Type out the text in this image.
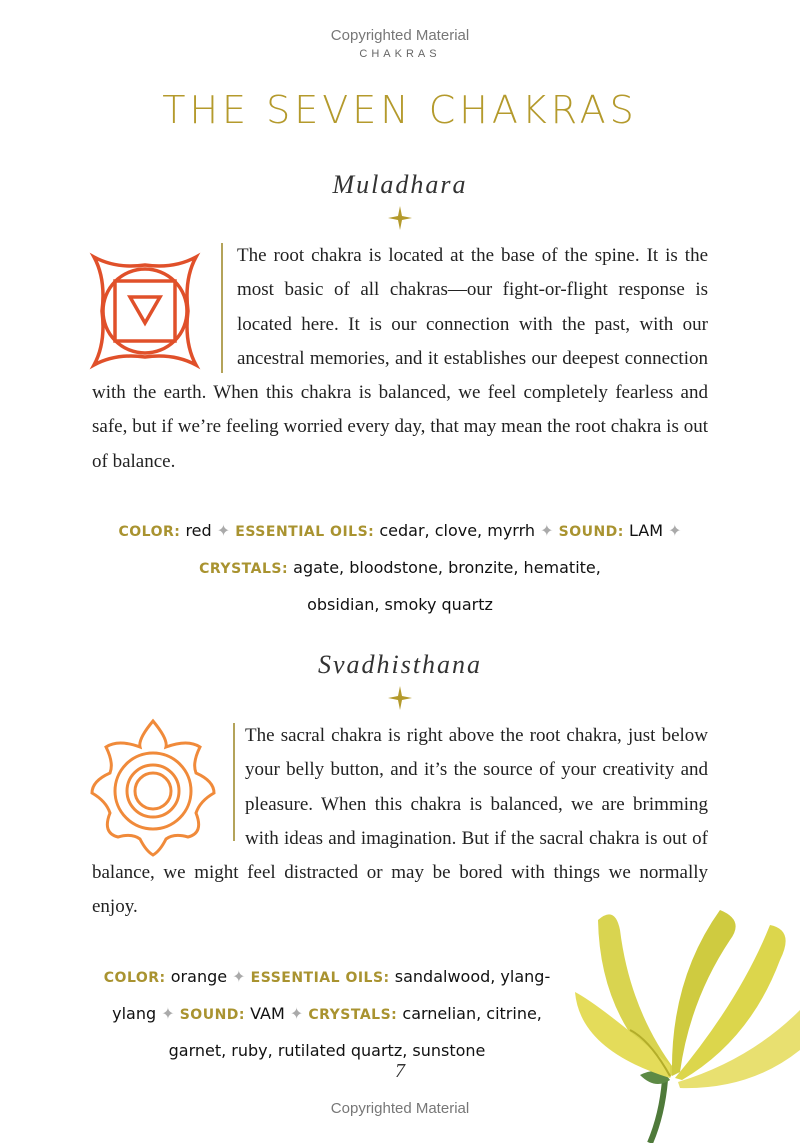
Copyrighted Material
CHAKRAS
THE SEVEN CHAKRAS
Muladhara
The root chakra is located at the base of the spine. It is the most basic of all chakras—our fight-or-flight response is located here. It is our connection with the past, with our ancestral memories, and it establishes our deepest connection with the earth. When this chakra is balanced, we feel completely fearless and safe, but if we’re feeling worried every day, that may mean the root chakra is out of balance.
COLOR: red ✦ ESSENTIAL OILS: cedar, clove, myrrh ✦ SOUND: LAM ✦
CRYSTALS: agate, bloodstone, bronzite, hematite, obsidian, smoky quartz
Svadhisthana
The sacral chakra is right above the root chakra, just below your belly button, and it’s the source of your creativity and pleasure. When this chakra is balanced, we are brimming with ideas and imagination. But if the sacral chakra is out of balance, we might feel distracted or may be bored with things we normally enjoy.
COLOR: orange ✦ ESSENTIAL OILS: sandalwood, ylang-ylang ✦ SOUND: VAM ✦ CRYSTALS: carnelian, citrine, garnet, ruby, rutilated quartz, sunstone
7
Copyrighted Material
